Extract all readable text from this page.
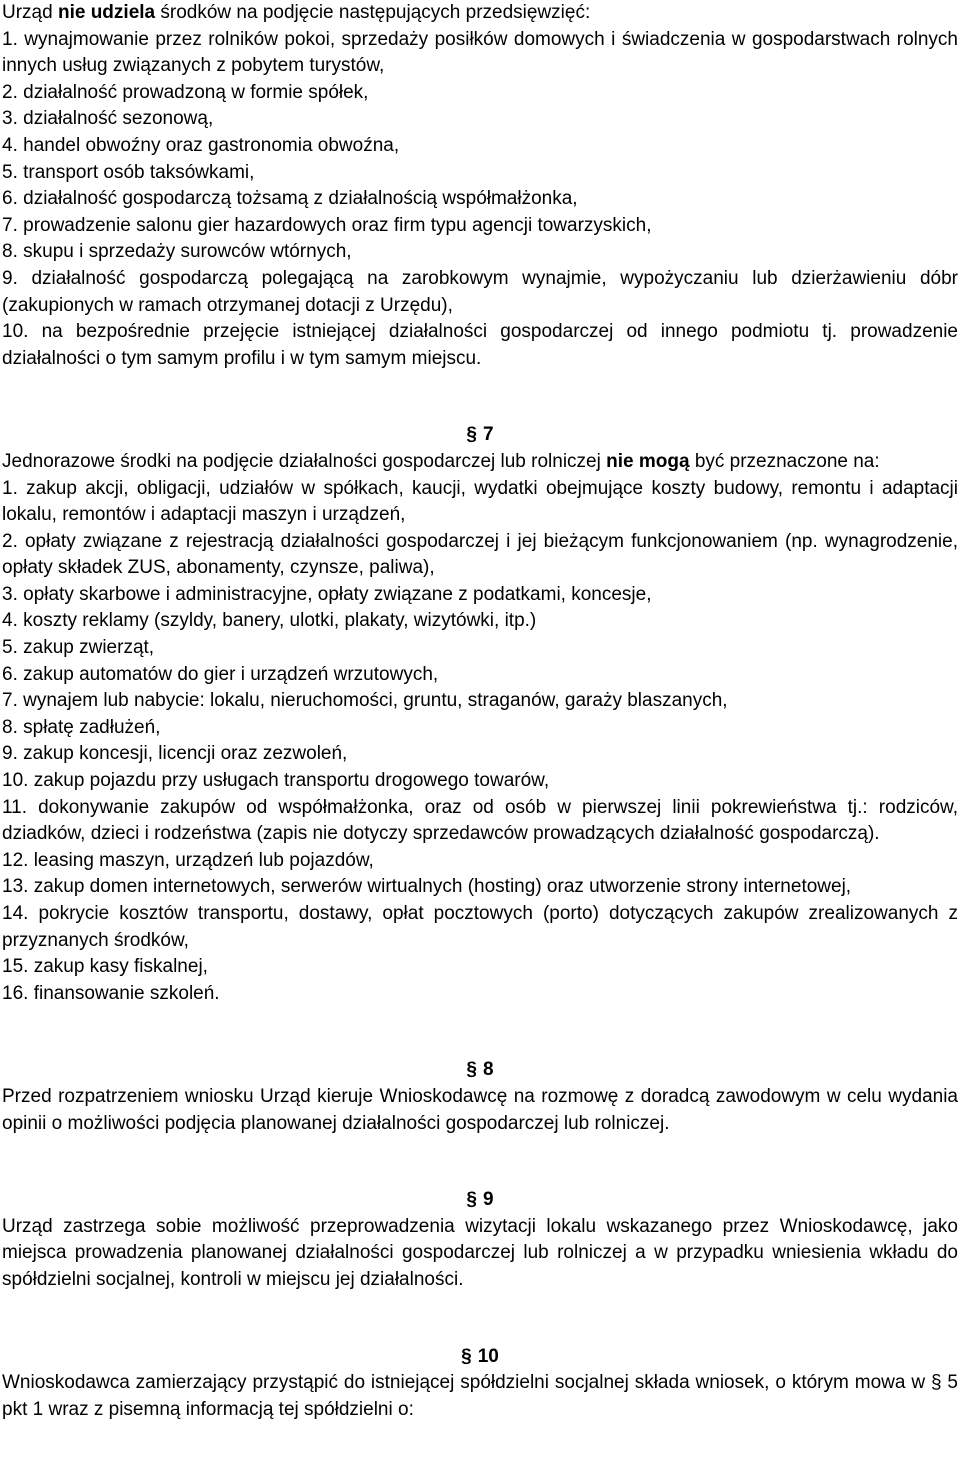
Urząd nie udziela środków na podjęcie następujących przedsięwzięć:

1. wynajmowanie przez rolników pokoi, sprzedaży posiłków domowych i świadczenia w gospodarstwach rolnych innych usług związanych z pobytem turystów,

2. działalność prowadzoną w formie spółek,

3. działalność sezonową,

4. handel obwoźny oraz gastronomia obwoźna,

5. transport osób taksówkami,

6. działalność gospodarczą tożsamą z działalnością współmałżonka,

7. prowadzenie salonu gier hazardowych oraz firm typu agencji towarzyskich,

8. skupu i sprzedaży surowców wtórnych,

9. działalność gospodarczą polegającą na zarobkowym wynajmie, wypożyczaniu lub dzierżawieniu dóbr (zakupionych w ramach otrzymanej dotacji z Urzędu),

10. na bezpośrednie przejęcie istniejącej działalności gospodarczej od innego podmiotu tj. prowadzenie działalności o tym samym profilu i w tym samym miejscu.

§ 7

Jednorazowe środki na podjęcie działalności gospodarczej lub rolniczej nie mogą być przeznaczone na:

1. zakup akcji, obligacji, udziałów w spółkach, kaucji, wydatki obejmujące koszty budowy, remontu i adaptacji lokalu, remontów i adaptacji maszyn i urządzeń,

2. opłaty związane z rejestracją działalności gospodarczej i jej bieżącym funkcjonowaniem (np. wynagrodzenie, opłaty składek ZUS, abonamenty, czynsze, paliwa),

3. opłaty skarbowe i administracyjne, opłaty związane z podatkami, koncesje,

4. koszty reklamy (szyldy, banery, ulotki, plakaty, wizytówki, itp.)

5. zakup zwierząt,

6. zakup automatów do gier i urządzeń wrzutowych,

7. wynajem lub nabycie: lokalu, nieruchomości, gruntu, straganów, garaży blaszanych,

8. spłatę zadłużeń,

9. zakup koncesji, licencji oraz zezwoleń,

10. zakup pojazdu przy usługach transportu drogowego towarów,

11. dokonywanie zakupów od współmałżonka, oraz od osób w pierwszej linii pokrewieństwa tj.: rodziców, dziadków, dzieci i rodzeństwa (zapis nie dotyczy sprzedawców prowadzących działalność gospodarczą).

12. leasing maszyn, urządzeń lub pojazdów,

13. zakup domen internetowych, serwerów wirtualnych (hosting) oraz utworzenie strony internetowej,

14. pokrycie kosztów transportu, dostawy, opłat pocztowych (porto) dotyczących zakupów zrealizowanych z przyznanych środków,

15. zakup kasy fiskalnej,

16. finansowanie szkoleń.

§ 8

Przed rozpatrzeniem wniosku Urząd kieruje Wnioskodawcę na rozmowę z doradcą zawodowym w celu wydania opinii o możliwości podjęcia planowanej działalności gospodarczej lub rolniczej.

§ 9

Urząd zastrzega sobie możliwość przeprowadzenia wizytacji lokalu wskazanego przez Wnioskodawcę, jako miejsca prowadzenia planowanej działalności gospodarczej lub rolniczej a w przypadku wniesienia wkładu do spółdzielni socjalnej, kontroli w miejscu jej działalności.

§ 10

Wnioskodawca zamierzający przystąpić do istniejącej spółdzielni socjalnej składa wniosek, o którym mowa w § 5 pkt 1 wraz z pisemną informacją tej spółdzielni o:
